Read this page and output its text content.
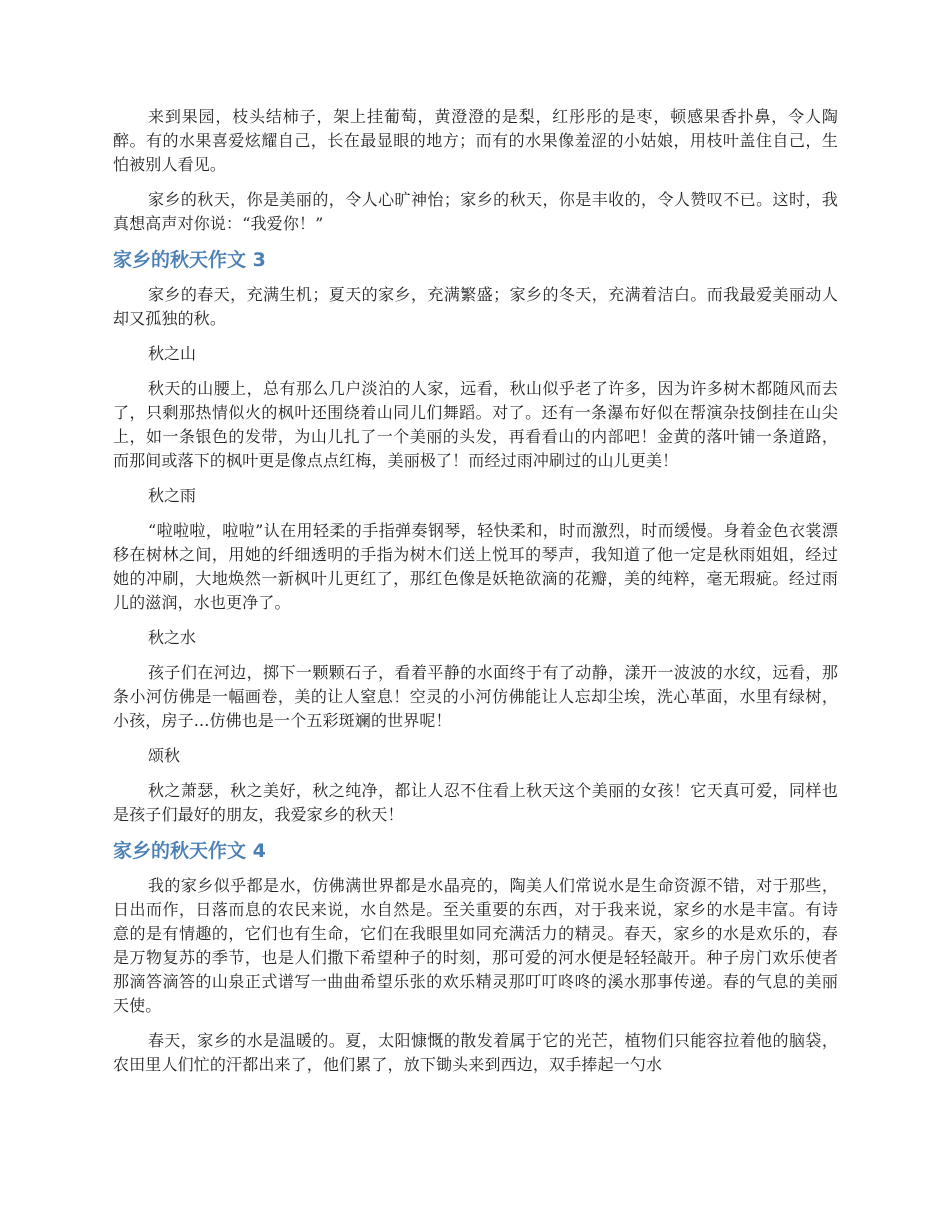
来到果园，枝头结柿子，架上挂葡萄，黄澄澄的是梨，红彤彤的是枣，顿感果香扑鼻，令人陶醉。有的水果喜爱炫耀自己，长在最显眼的地方；而有的水果像羞涩的小姑娘，用枝叶盖住自己，生怕被别人看见。

家乡的秋天，你是美丽的，令人心旷神怡；家乡的秋天，你是丰收的，令人赞叹不已。这时，我真想高声对你说：“我爱你！”

家乡的秋天作文 3

家乡的春天，充满生机；夏天的家乡，充满繁盛；家乡的冬天，充满着洁白。而我最爱美丽动人却又孤独的秋。

秋之山

秋天的山腰上，总有那么几户淡泊的人家，远看，秋山似乎老了许多，因为许多树木都随风而去了，只剩那热情似火的枫叶还围绕着山同儿们舞蹈。对了。还有一条瀑布好似在帮演杂技倒挂在山尖上，如一条银色的发带，为山儿扎了一个美丽的头发，再看看山的内部吧！金黄的落叶铺一条道路，而那间或落下的枫叶更是像点点红梅，美丽极了！而经过雨冲刷过的山儿更美！

秋之雨

“啦啦啦，啦啦”认在用轻柔的手指弹奏钢琴，轻快柔和，时而激烈，时而缓慢。身着金色衣裳漂移在树林之间，用她的纤细透明的手指为树木们送上悦耳的琴声，我知道了他一定是秋雨姐姐，经过她的冲刷，大地焕然一新枫叶儿更红了，那红色像是妖艳欲滴的花瓣，美的纯粹，毫无瑕疵。经过雨儿的滋润，水也更净了。

秋之水

孩子们在河边，掷下一颗颗石子，看着平静的水面终于有了动静，漾开一波波的水纹，远看，那条小河仿佛是一幅画卷，美的让人窒息！空灵的小河仿佛能让人忘却尘埃，洗心革面，水里有绿树，小孩，房子...仿佛也是一个五彩斑斓的世界呢！

颂秋

秋之萧瑟，秋之美好，秋之纯净，都让人忍不住看上秋天这个美丽的女孩！它天真可爱，同样也是孩子们最好的朋友，我爱家乡的秋天！

家乡的秋天作文 4

我的家乡似乎都是水，仿佛满世界都是水晶亮的，陶美人们常说水是生命资源不错，对于那些，日出而作，日落而息的农民来说，水自然是。至关重要的东西，对于我来说，家乡的水是丰富。有诗意的是有情趣的，它们也有生命，它们在我眼里如同充满活力的精灵。春天，家乡的水是欢乐的，春是万物复苏的季节，也是人们撒下希望种子的时刻，那可爱的河水便是轻轻敲开。种子房门欢乐使者那滴答滴答的山泉正式谱写一曲曲希望乐张的欢乐精灵那叮叮咚咚的溪水那事传递。春的气息的美丽天使。

春天，家乡的水是温暖的。夏，太阳慷慨的散发着属于它的光芒，植物们只能容拉着他的脑袋，农田里人们忙的汗都出来了，他们累了，放下锄头来到西边，双手捧起一勺水
